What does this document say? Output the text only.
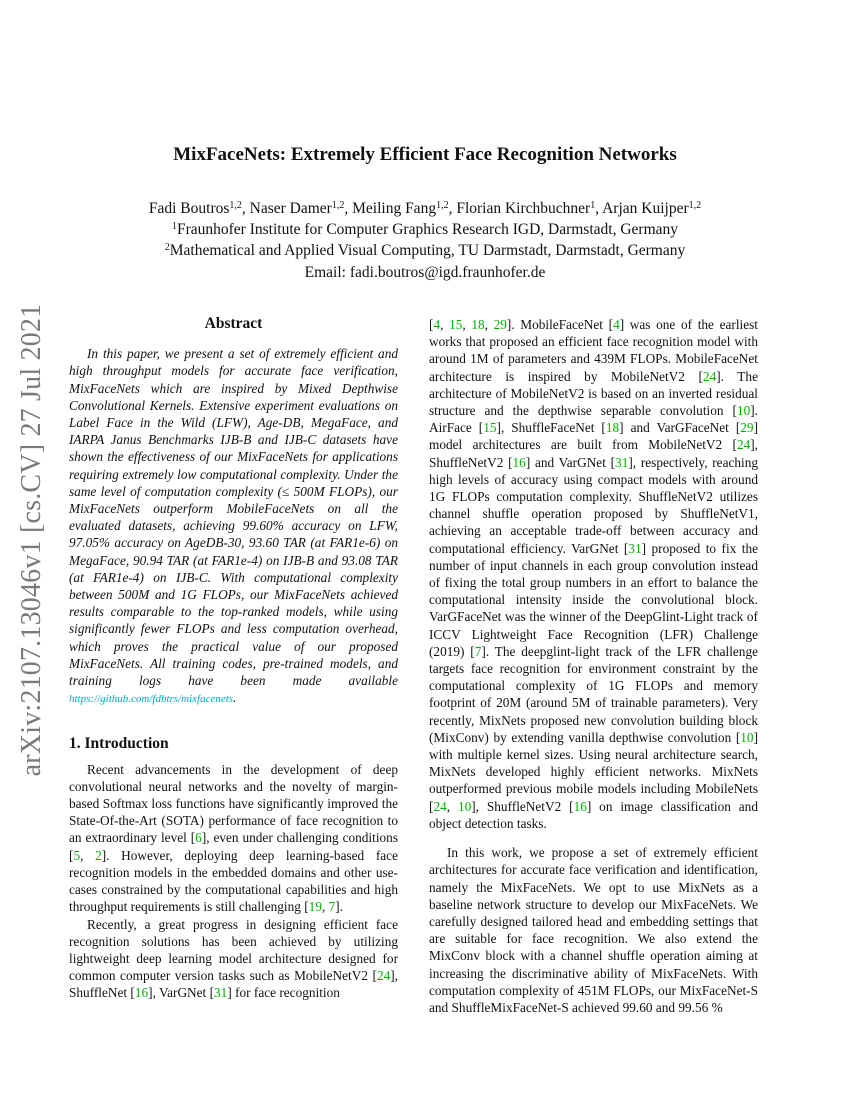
arXiv:2107.13046v1 [cs.CV] 27 Jul 2021
MixFaceNets: Extremely Efficient Face Recognition Networks
Fadi Boutros$^{1,2}$, Naser Damer$^{1,2}$, Meiling Fang$^{1,2}$, Florian Kirchbuchner$^1$, Arjan Kuijper$^{1,2}$
$^1$Fraunhofer Institute for Computer Graphics Research IGD, Darmstadt, Germany
$^2$Mathematical and Applied Visual Computing, TU Darmstadt, Darmstadt, Germany
Email: fadi.boutros@igd.fraunhofer.de
Abstract

In this paper, we present a set of extremely efficient and high throughput models for accurate face verification, MixFaceNets which are inspired by Mixed Depthwise Convolutional Kernels. Extensive experiment evaluations on Label Face in the Wild (LFW), Age-DB, MegaFace, and IARPA Janus Benchmarks IJB-B and IJB-C datasets have shown the effectiveness of our MixFaceNets for applications requiring extremely low computational complexity. Under the same level of computation complexity (≤ 500M FLOPs), our MixFaceNets outperform MobileFaceNets on all the evaluated datasets, achieving 99.60% accuracy on LFW, 97.05% accuracy on AgeDB-30, 93.60 TAR (at FAR1e-6) on MegaFace, 90.94 TAR (at FAR1e-4) on IJB-B and 93.08 TAR (at FAR1e-4) on IJB-C. With computational complexity between 500M and 1G FLOPs, our MixFaceNets achieved results comparable to the top-ranked models, while using significantly fewer FLOPs and less computation overhead, which proves the practical value of our proposed MixFaceNets. All training codes, pre-trained models, and training logs have been made available https://github.com/fdbtrs/mixfacenets.

1. Introduction

Recent advancements in the development of deep convolutional neural networks and the novelty of margin-based Softmax loss functions have significantly improved the State-Of-the-Art (SOTA) performance of face recognition to an extraordinary level [6], even under challenging conditions [5, 2]. However, deploying deep learning-based face recognition models in the embedded domains and other use-cases constrained by the computational capabilities and high throughput requirements is still challenging [19, 7].

Recently, a great progress in designing efficient face recognition solutions has been achieved by utilizing lightweight deep learning model architecture designed for common computer version tasks such as MobileNetV2 [24], ShuffleNet [16], VarGNet [31] for face recognition

[4, 15, 18, 29]. MobileFaceNet [4] was one of the earliest works that proposed an efficient face recognition model with around 1M of parameters and 439M FLOPs. MobileFaceNet architecture is inspired by MobileNetV2 [24]. The architecture of MobileNetV2 is based on an inverted residual structure and the depthwise separable convolution [10]. AirFace [15], ShuffleFaceNet [18] and VarGFaceNet [29] model architectures are built from MobileNetV2 [24], ShuffleNetV2 [16] and VarGNet [31], respectively, reaching high levels of accuracy using compact models with around 1G FLOPs computation complexity. ShuffleNetV2 utilizes channel shuffle operation proposed by ShuffleNetV1, achieving an acceptable trade-off between accuracy and computational efficiency. VarGNet [31] proposed to fix the number of input channels in each group convolution instead of fixing the total group numbers in an effort to balance the computational intensity inside the convolutional block. VarGFaceNet was the winner of the DeepGlint-Light track of ICCV Lightweight Face Recognition (LFR) Challenge (2019) [7]. The deepglint-light track of the LFR challenge targets face recognition for environment constraint by the computational complexity of 1G FLOPs and memory footprint of 20M (around 5M of trainable parameters). Very recently, MixNets proposed new convolution building block (MixConv) by extending vanilla depthwise convolution [10] with multiple kernel sizes. Using neural architecture search, MixNets developed highly efficient networks. MixNets outperformed previous mobile models including MobileNets [24, 10], ShuffleNetV2 [16] on image classification and object detection tasks.

In this work, we propose a set of extremely efficient architectures for accurate face verification and identification, namely the MixFaceNets. We opt to use MixNets as a baseline network structure to develop our MixFaceNets. We carefully designed tailored head and embedding settings that are suitable for face recognition. We also extend the MixConv block with a channel shuffle operation aiming at increasing the discriminative ability of MixFaceNets. With computation complexity of 451M FLOPs, our MixFaceNet-S and ShuffleMixFaceNet-S achieved 99.60 and 99.56 %
